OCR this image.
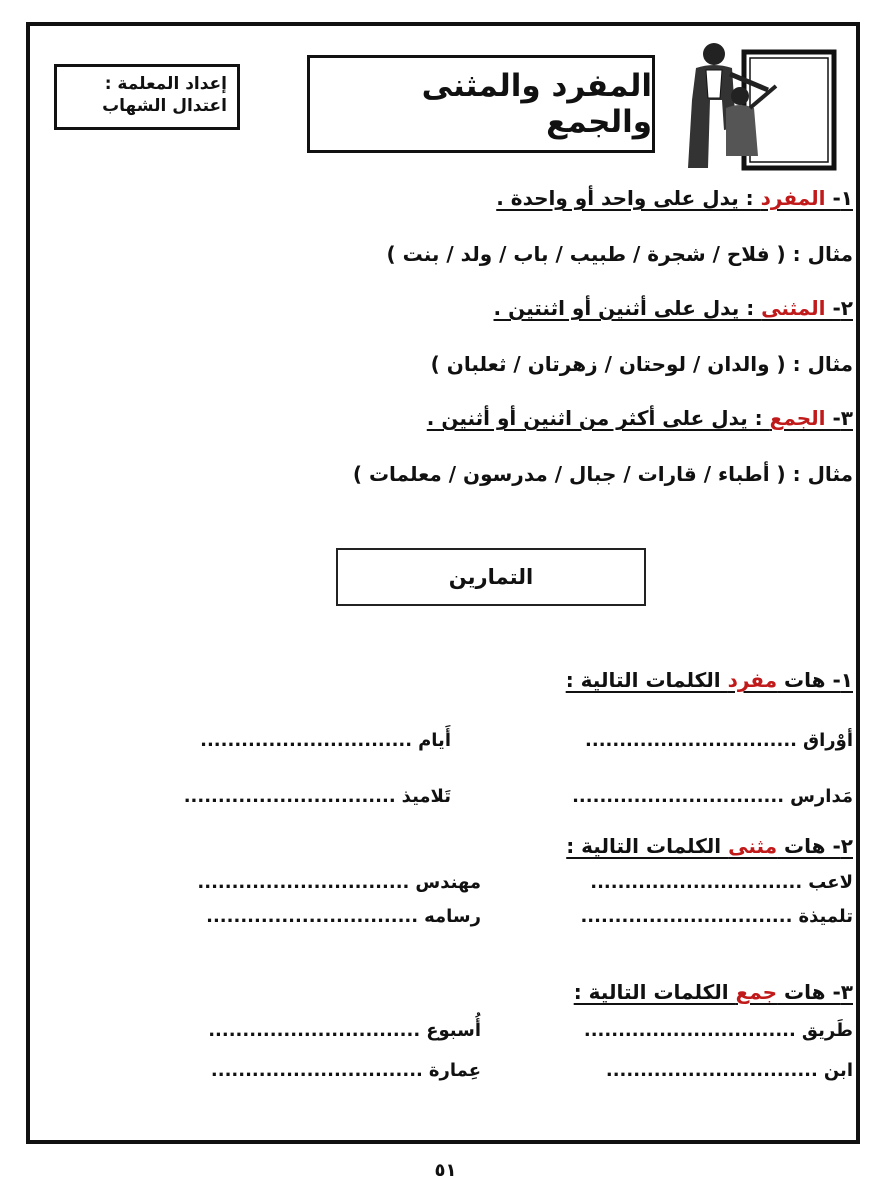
إعداد المعلمة :
اعتدال الشهاب
المفرد والمثنى والجمع
١- المفرد : يدل على واحد أو واحدة .
مثال : ( فلاح / شجرة / طبيب / باب / ولد / بنت )
٢- المثنى : يدل على أثنين أو اثنتين .
مثال : ( والدان / لوحتان / زهرتان / ثعلبان )
٣- الجمع : يدل على أكثر من اثنين أو أثنين .
مثال : ( أطباء / قارات / جبال / مدرسون / معلمات )
التمارين
١- هات مفرد الكلمات التالية :
أوْراق...............................
أَيام...............................
مَدارس...............................
تَلاميذ...............................
٢- هات مثنى الكلمات التالية :
لاعب...............................
مهندس...............................
تلميذة...............................
رسامه...............................
٣- هات جمع الكلمات التالية :
طَريق...............................
أُسبوع...............................
ابن...............................
عِمارة...............................
٥١
